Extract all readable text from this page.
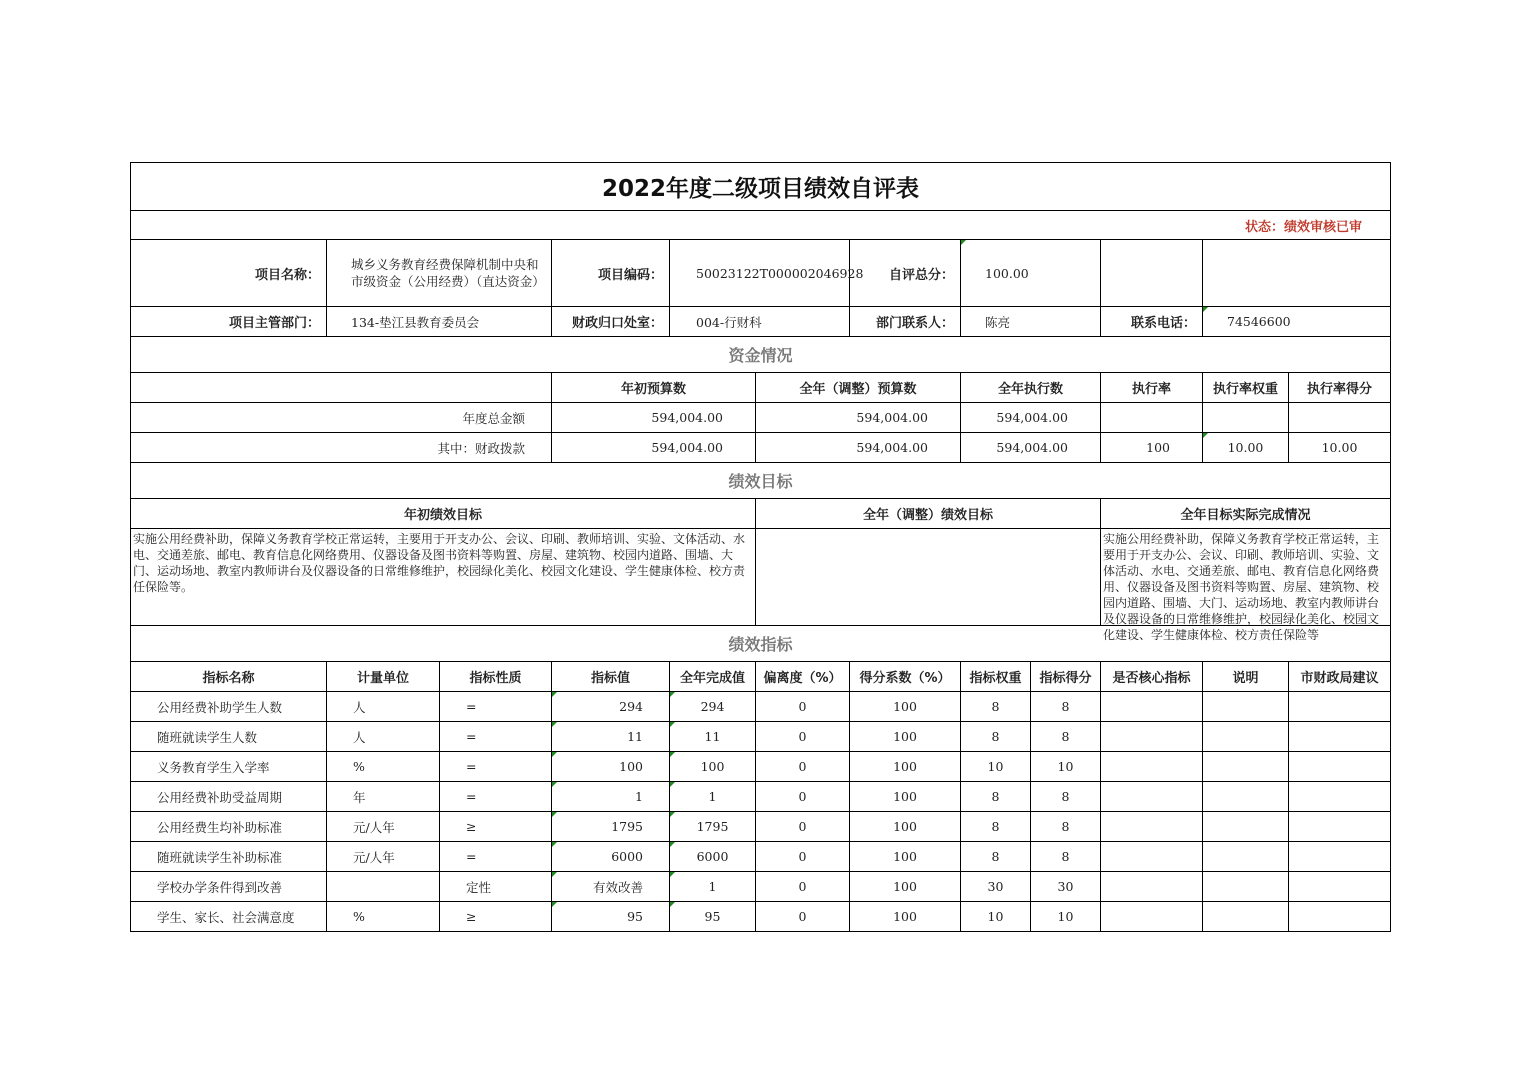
2022年度二级项目绩效自评表											
状态：绩效审核已审											
项目名称：	城乡义务教育经费保障机制中央和市级资金（公用经费）（直达资金）		项目编码：	50023122T000002046928		自评总分：	100.00				
项目主管部门：	134-垫江县教育委员会		财政归口处室：	004-行财科		部门联系人：	陈亮		联系电话：	74546600	
资金情况											
			年初预算数		全年（调整）预算数		全年执行数		执行率	执行率权重	执行率得分
年度总金额			594,004.00		594,004.00		594,004.00				
其中：财政拨款			594,004.00		594,004.00		594,004.00		100	10.00	10.00
绩效目标											
年初绩效目标					全年（调整）绩效目标				全年目标实际完成情况		

实施公用经费补助，保障义务教育学校正常运转，主要用于开支办公、会议、印刷、教师培训、实验、文体活动、水电、交通差旅、邮电、教育信息化网络费用、仪器设备及图书资料等购置、房屋、建筑物、校园内道路、围墙、大门、运动场地、教室内教师讲台及仪器设备的日常维修维护，校园绿化美化、校园文化建设、学生健康体检、校方责任保险等。									实施公用经费补助，保障义务教育学校正常运转，主要用于开支办公、会议、印刷、教师培训、实验、文体活动、水电、交通差旅、邮电、教育信息化网络费用、仪器设备及图书资料等购置、房屋、建筑物、校园内道路、围墙、大门、运动场地、教室内教师讲台及仪器设备的日常维修维护，校园绿化美化、校园文化建设、学生健康体检、校方责任保险等		

绩效指标											
指标名称	计量单位	指标性质	指标值	全年完成值	偏离度（%）	得分系数（%）	指标权重	指标得分	是否核心指标	说明	市财政局建议
公用经费补助学生人数	人	=	294	294	0	100	8	8			
随班就读学生人数	人	=	11	11	0	100	8	8			
义务教育学生入学率	%	=	100	100	0	100	10	10			
公用经费补助受益周期	年	=	1	1	0	100	8	8			
公用经费生均补助标准	元/人年	≥	1795	1795	0	100	8	8			
随班就读学生补助标准	元/人年	=	6000	6000	0	100	8	8			
学校办学条件得到改善		定性	有效改善	1	0	100	30	30			
学生、家长、社会满意度	%	≥	95	95	0	100	10	10			
